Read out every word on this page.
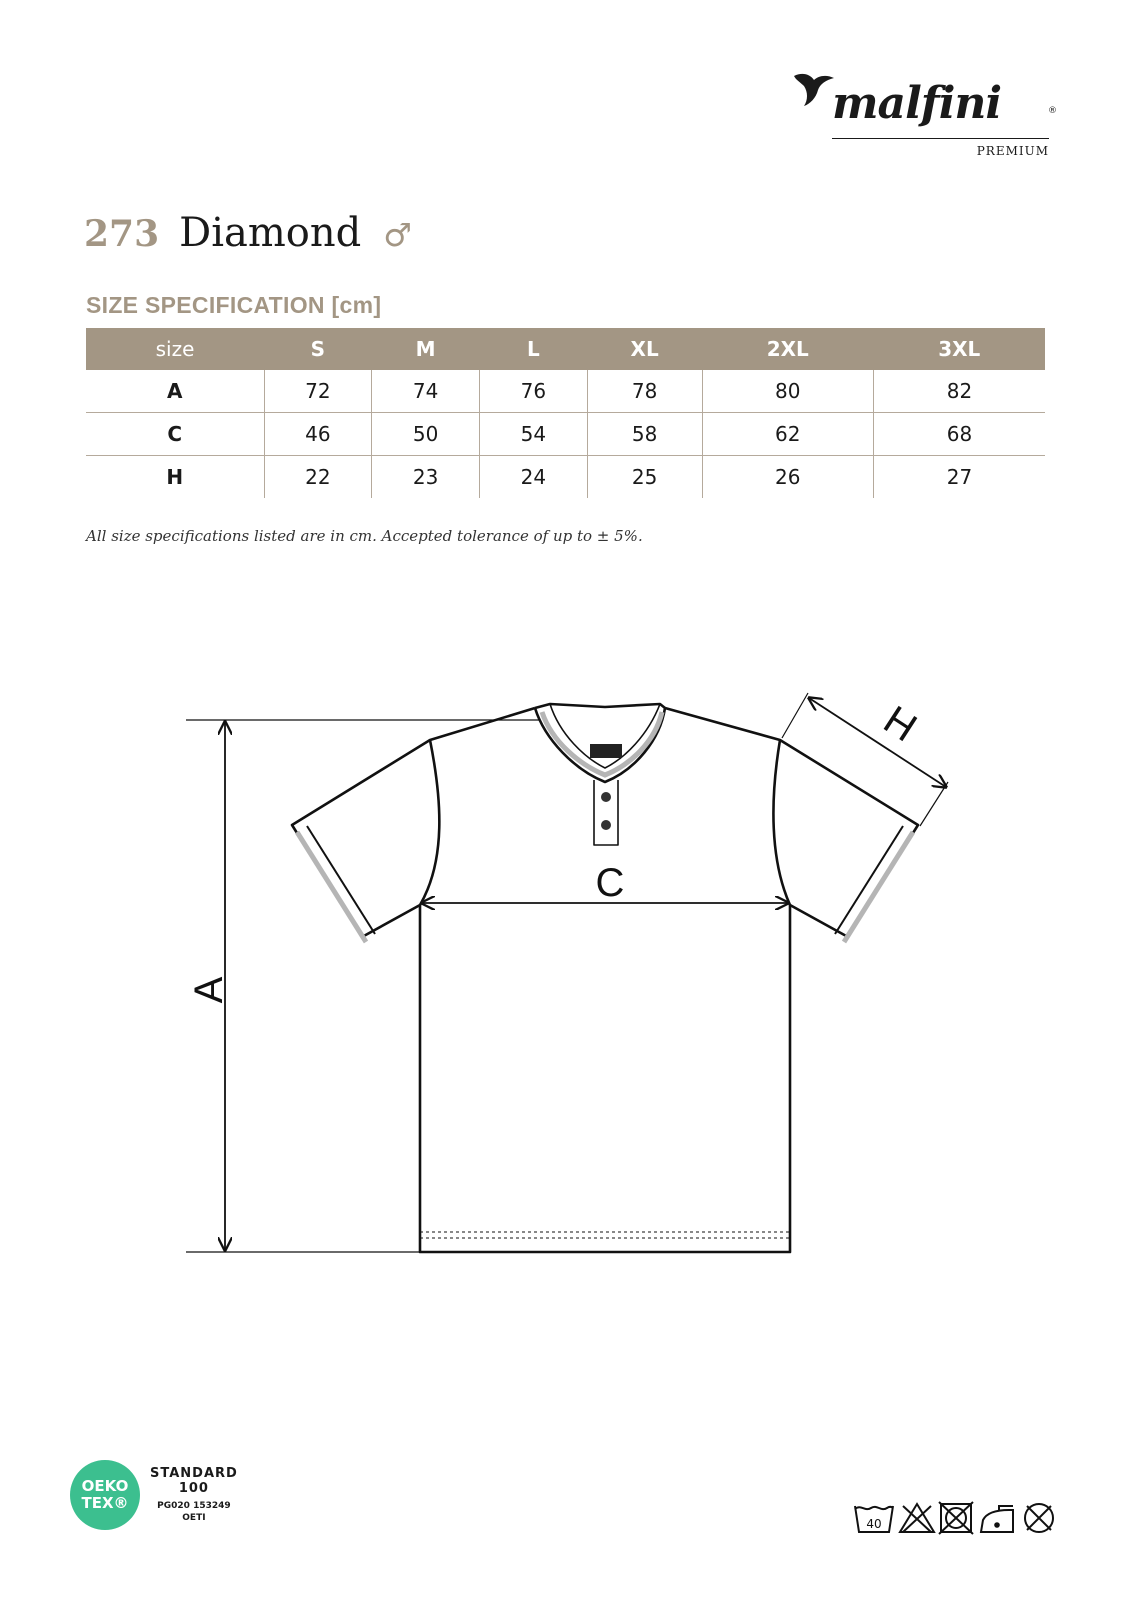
malfini	®
PREMIUM
273 Diamond ♂
SIZE SPECIFICATION [cm]
size	S	M	L	XL	2XL	3XL
A	72	74	76	78	80	82
C	46	50	54	58	62	68
H	22	23	24	25	26	27
All size specifications listed are in cm. Accepted tolerance of up to ± 5%.
A
C
H
OEKO
TEX®
STANDARD
100
PG020 153249
OETI	40
